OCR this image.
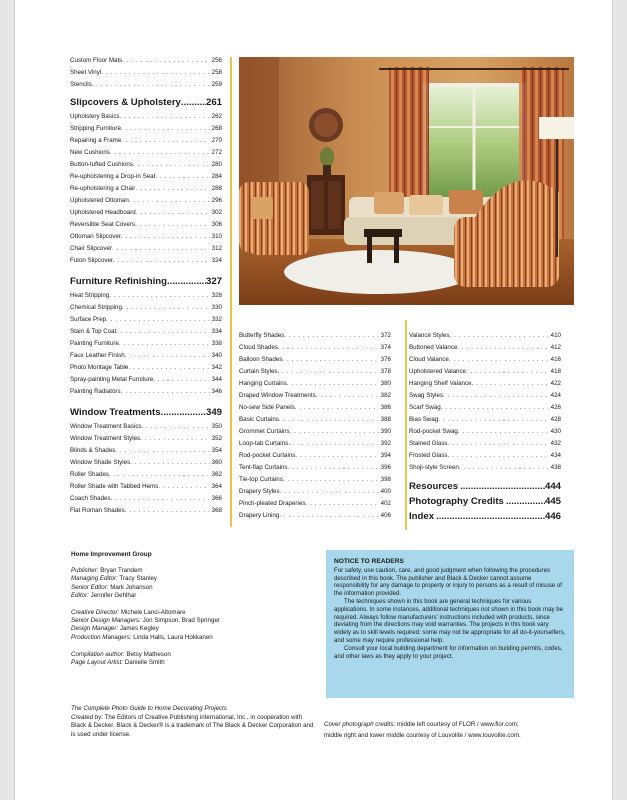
Custom Floor Mats . . .	256
Sheet Vinyl . . .	258
Stencils . . .	259
Slipcovers & Upholstery .....	261
Upholstery Basics . . .	262
Stripping Furniture . . .	268
Repairing a Frame . . .	270
New Cushions . . .	272
Button-tufted Cushions . . .	280
Re-upholstering a Drop-in Seat . . .	284
Re-upholstering a Chair . . .	288
Upholstered Ottoman . . .	296
Upholstered Headboard . . .	302
Reversible Seat Covers . . .	306
Ottoman Slipcover . . .	310
Chair Slipcover . . .	312
Futon Slipcover . . .	324
Furniture Refinishing .....	327
Heat Stripping . . .	328
Chemical Stripping . . .	330
Surface Prep . . .	332
Stain & Top Coat . . .	334
Painting Furniture . . .	338
Faux Leather Finish . . .	340
Photo Montage Table . . .	342
Spray-painting Metal Furniture . . .	344
Painting Radiators . . .	346
Window Treatments .....	349
Window Treatment Basics . . .	350
Window Treatment Styles . . .	352
Blinds & Shades . . .	354
Window Shade Styles . . .	360
Roller Shades . . .	362
Roller Shade with Tabbed Hems . . .	364
Coach Shades . . .	366
Flat Roman Shades . . .	368
Butterfly Shades . . .	372
Cloud Shades . . .	374
Balloon Shades . . .	376
Curtain Styles . . .	378
Hanging Curtains . . .	380
Draped Window Treatments . . .	382
No-sew Side Panels . . .	386
Basic Curtains . . .	388
Grommet Curtains . . .	390
Loop-tab Curtains . . .	392
Rod-pocket Curtains . . .	394
Tent-flap Curtains . . .	396
Tie-top Curtains . . .	398
Drapery Styles . . .	400
Pinch-pleated Draperies . . .	402
Drapery Lining . . .	406
Valance Styles . . .	410
Buttoned Valance . . .	412
Cloud Valance . . .	416
Upholstered Valance . . .	418
Hanging Shelf Valance . . .	422
Swag Styles . . .	424
Scarf Swag . . .	426
Bias Swag . . .	428
Rod-pocket Swag . . .	430
Stained Glass . . .	432
Frosted Glass . . .	434
Shoji-style Screen . . .	438
Resources .....	444
Photography Credits .....	445
Index .....	446
Home Improvement Group
Publisher: Bryan Trandem
Managing Editor: Tracy Stanley
Senior Editor: Mark Johanson
Editor: Jennifer Gehlhar
Creative Director: Michele Lanci-Altomare
Senior Design Managers: Jon Simpson, Brad Springer
Design Manager: James Kegley
Production Managers: Linda Halls, Laura Hokkanen
Compilation author: Betsy Matheson
Page Layout Artist: Danielle Smith
The Complete Photo Guide to Home Decorating Projects
Created by: The Editors of Creative Publishing international, Inc., in cooperation with Black & Decker. Black & Decker® is a trademark of The Black & Decker Corporation and is used under license.
NOTICE TO READERS

For safety, use caution, care, and good judgment when following the procedures described in this book. The publisher and Black & Decker cannot assume responsibility for any damage to property or injury to persons as a result of misuse of the information provided.

The techniques shown in this book are general techniques for various applications. In some instances, additional techniques not shown in this book may be required. Always follow manufacturers' instructions included with products, since deviating from the directions may void warranties. The projects in this book vary widely as to skill levels required: some may not be appropriate for all do-it-yourselfers, and some may require professional help.

Consult your local building department for information on building permits, codes, and other laws as they apply to your project.

Cover photograph credits; middle left courtesy of FLOR / www.flor.com;
middle right and lower middle courtesy of Louvolite / www.louvolite.com.
